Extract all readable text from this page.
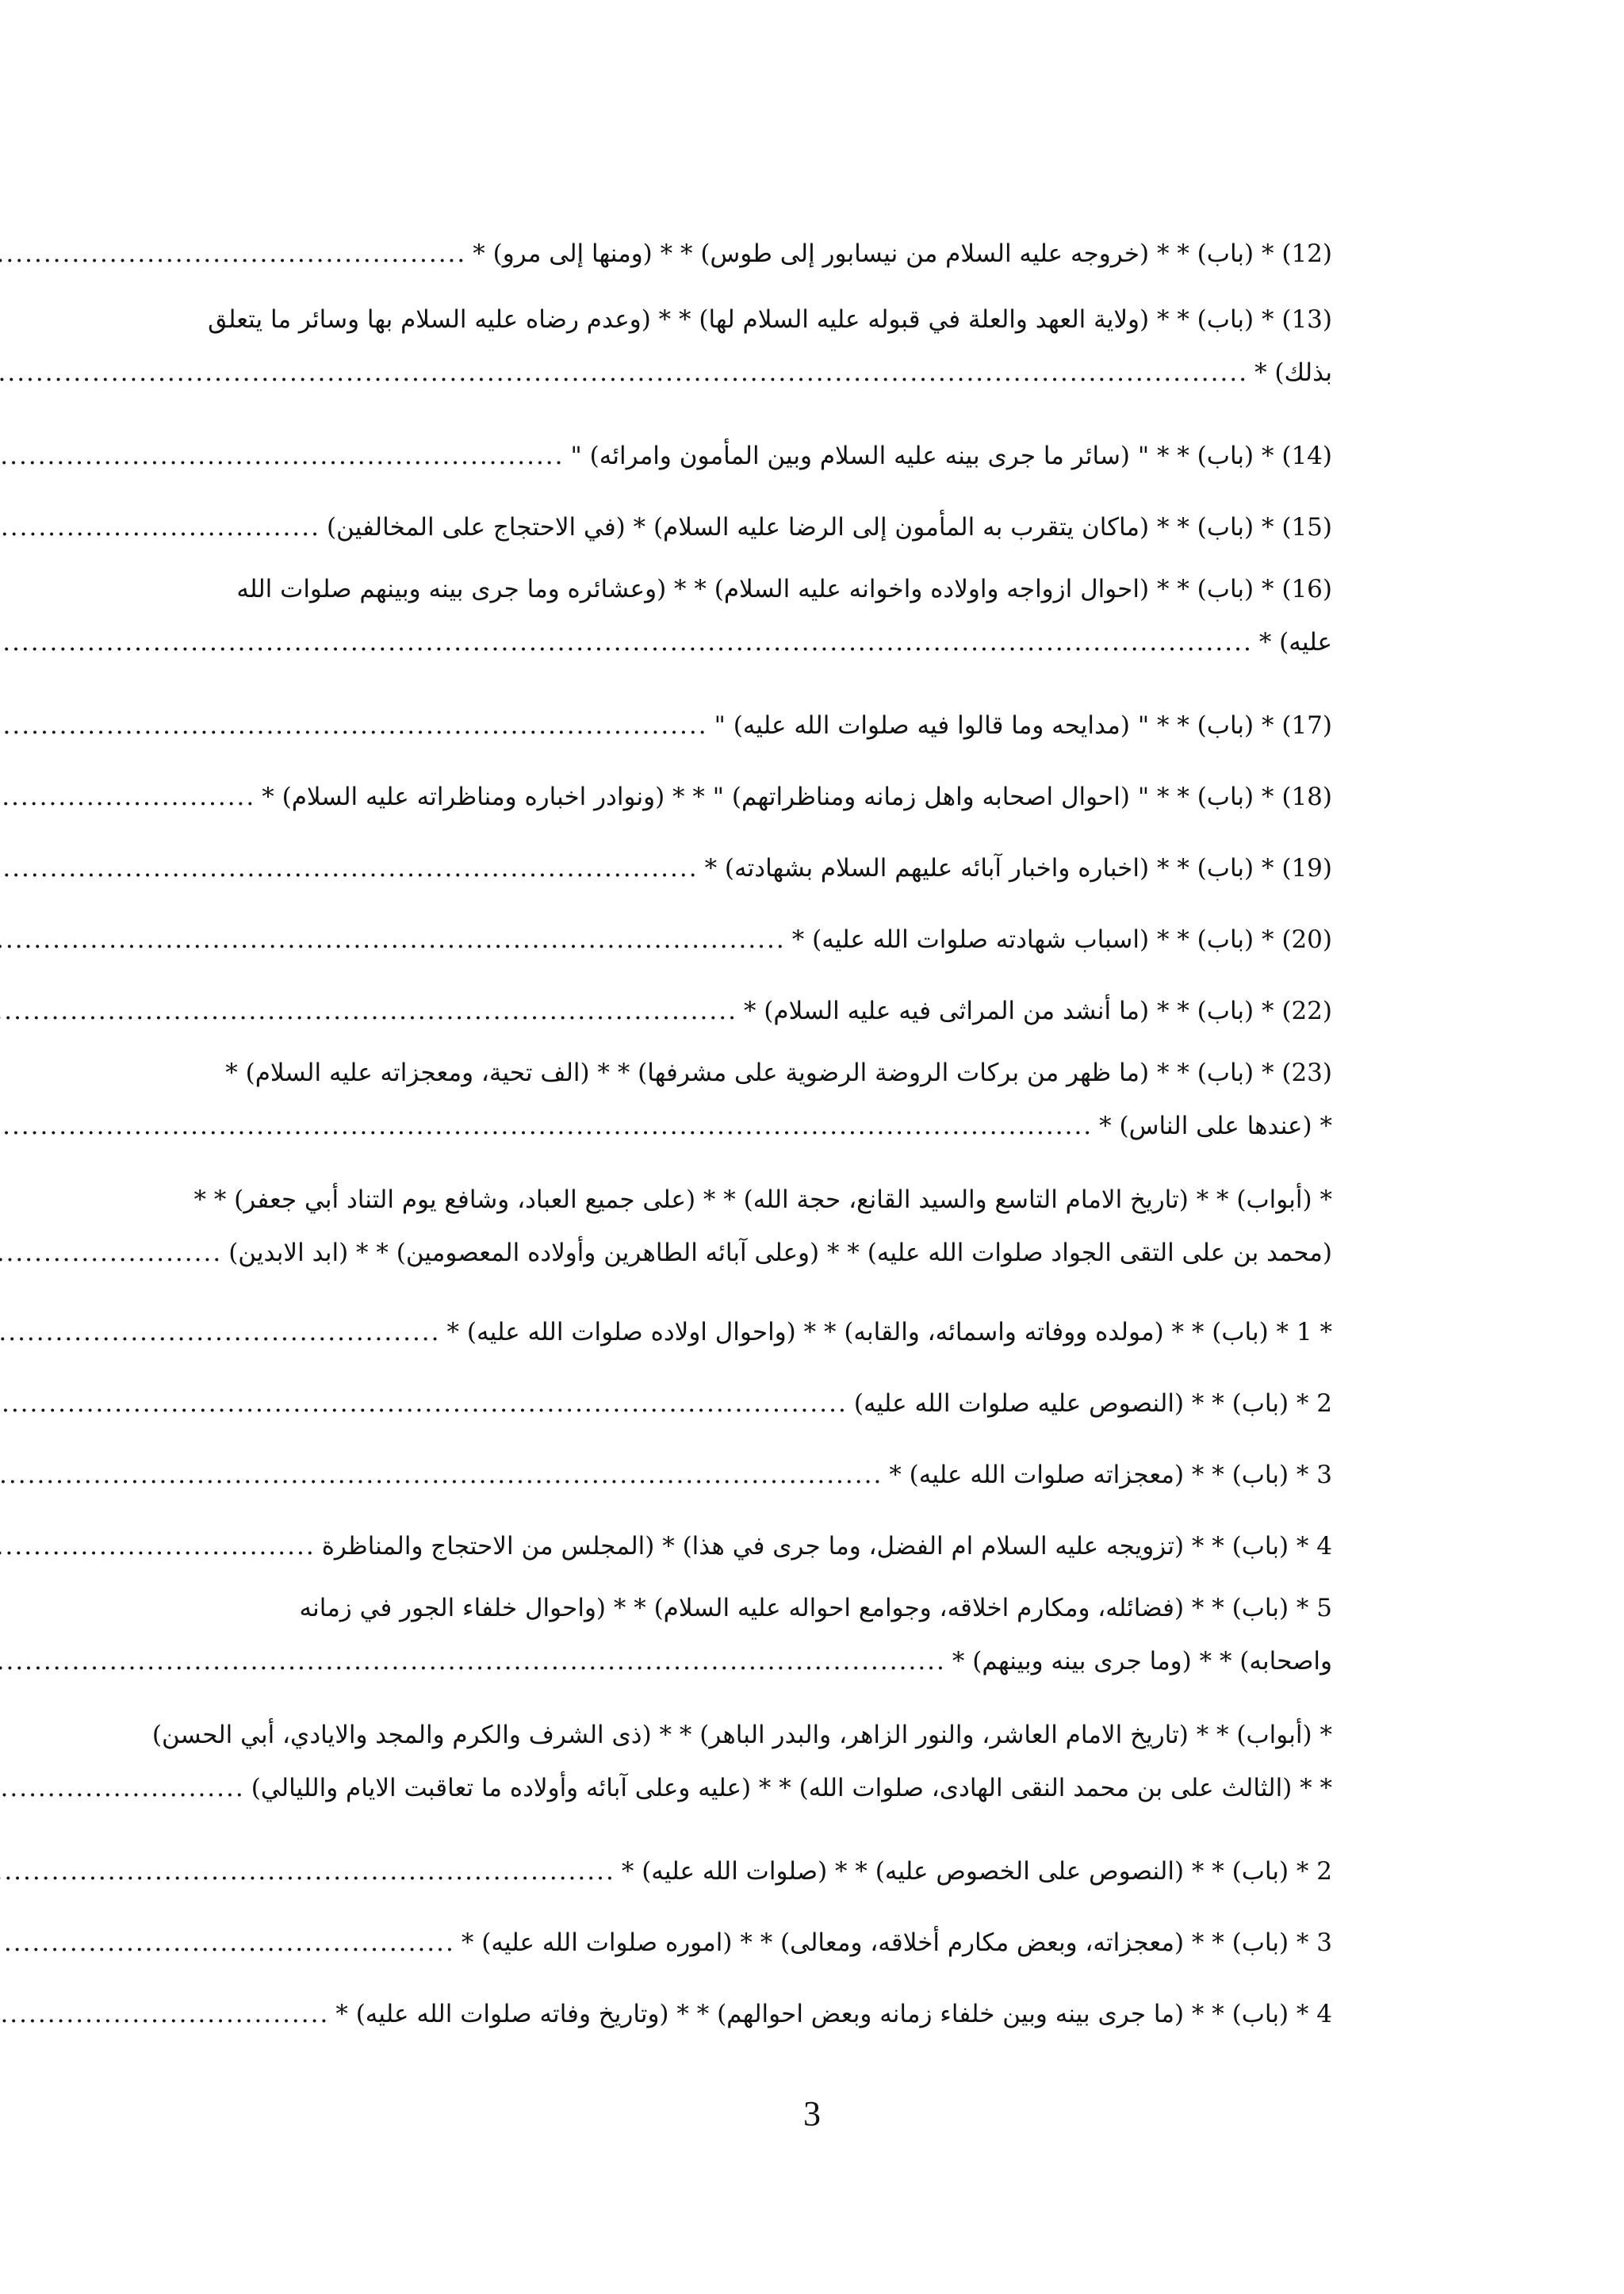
(12) * (باب) * * (خروجه عليه السلام من نيسابور إلى طوس) * * (ومنها إلى مرو) *
.....
(13) * (باب) * * (ولاية العهد والعلة في قبوله عليه السلام لها) * * (وعدم رضاه عليه السلام بها وسائر ما يتعلق
بذلك) *
.....
(14) * (باب) * * " (سائر ما جرى بينه عليه السلام وبين المأمون وامرائه) "
.....
(15) * (باب) * * (ماكان يتقرب به المأمون إلى الرضا عليه السلام) * (في الاحتجاج على المخالفين)
.....
(16) * (باب) * * (احوال ازواجه واولاده واخوانه عليه السلام) * * (وعشائره وما جرى بينه وبينهم صلوات الله
عليه) *
.....
(17) * (باب) * * " (مدايحه وما قالوا فيه صلوات الله عليه) "
.....
(18) * (باب) * * " (احوال اصحابه واهل زمانه ومناظراتهم) " * * (ونوادر اخباره ومناظراته عليه السلام) *
.....
(19) * (باب) * * (اخباره واخبار آبائه عليهم السلام بشهادته) *
.....
(20) * (باب) * * (اسباب شهادته صلوات الله عليه) *
.....
(22) * (باب) * * (ما أنشد من المراثى فيه عليه السلام) *
.....
(23) * (باب) * * (ما ظهر من بركات الروضة الرضوية على مشرفها) * * (الف تحية، ومعجزاته عليه السلام) *
* (عندها على الناس) *
.....
* (أبواب) * * (تاريخ الامام التاسع والسيد القانع، حجة الله) * * (على جميع العباد، وشافع يوم التناد أبي جعفر) * *
(محمد بن على التقى الجواد صلوات الله عليه) * * (وعلى آبائه الطاهرين وأولاده المعصومين) * * (ابد الابدين)
.....
* 1 * (باب) * * (مولده ووفاته واسمائه، والقابه) * * (واحوال اولاده صلوات الله عليه) *
.....
2 * (باب) * * (النصوص عليه صلوات الله عليه)
.....
3 * (باب) * * (معجزاته صلوات الله عليه) *
.....
4 * (باب) * * (تزويجه عليه السلام ام الفضل، وما جرى في هذا) * (المجلس من الاحتجاج والمناظرة
.....
5 * (باب) * * (فضائله، ومكارم اخلاقه، وجوامع احواله عليه السلام) * * (واحوال خلفاء الجور في زمانه
واصحابه) * * (وما جرى بينه وبينهم) *
.....
* (أبواب) * * (تاريخ الامام العاشر، والنور الزاهر، والبدر الباهر) * * (ذى الشرف والكرم والمجد والايادي، أبي الحسن)
* * (الثالث على بن محمد النقى الهادى، صلوات الله) * * (عليه وعلى آبائه وأولاده ما تعاقبت الايام والليالي)
.....
2 * (باب) * * (النصوص على الخصوص عليه) * * (صلوات الله عليه) *
.....
3 * (باب) * * (معجزاته، وبعض مكارم أخلاقه، ومعالى) * * (اموره صلوات الله عليه) *
.....
4 * (باب) * * (ما جرى بينه وبين خلفاء زمانه وبعض احوالهم) * * (وتاريخ وفاته صلوات الله عليه) *
.....
3
